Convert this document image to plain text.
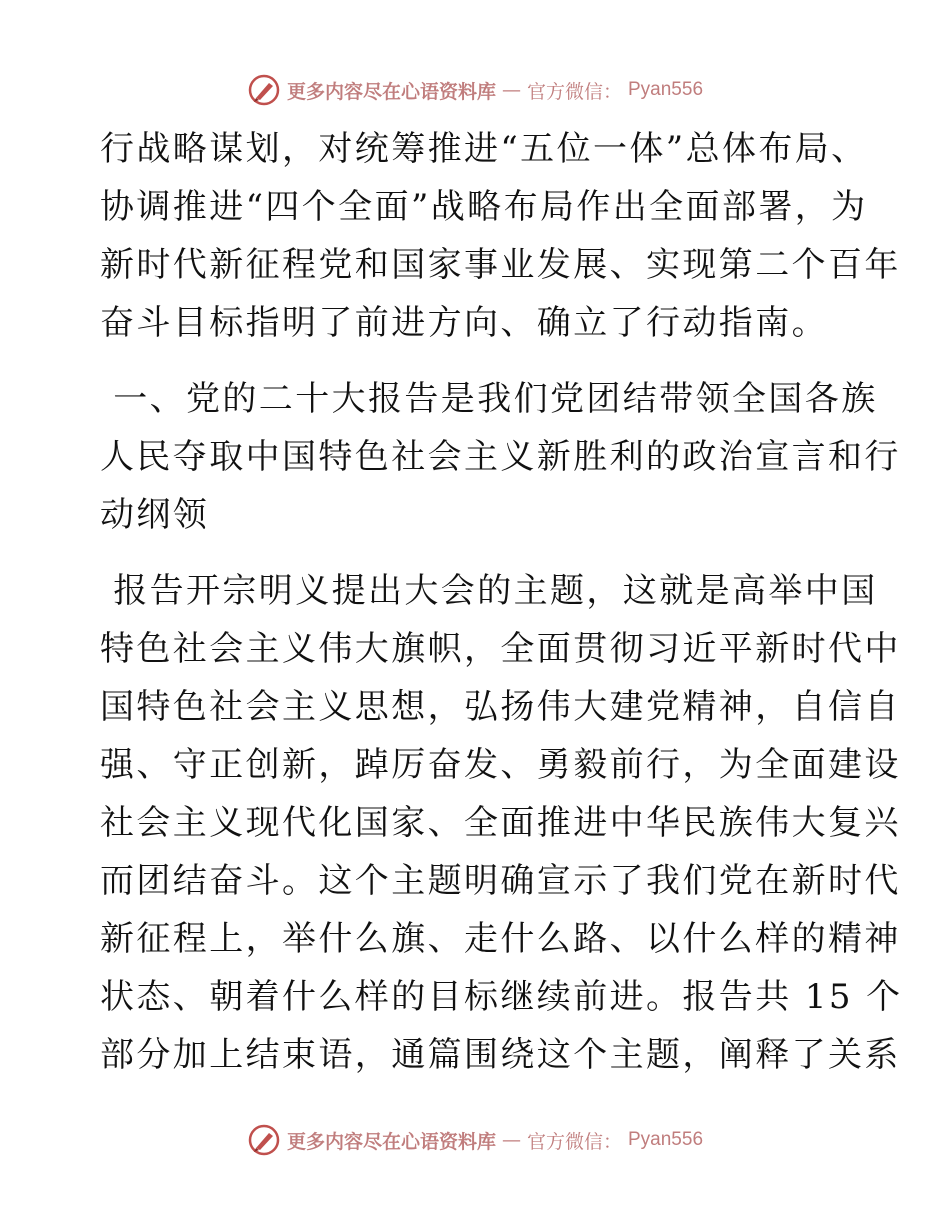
更多内容尽在心语资料库 — 官方微信： Pyan556
行战略谋划，对统筹推进“五位一体”总体布局、
协调推进“四个全面”战略布局作出全面部署，为
新时代新征程党和国家事业发展、实现第二个百年
奋斗目标指明了前进方向、确立了行动指南。
一、党的二十大报告是我们党团结带领全国各族
人民夺取中国特色社会主义新胜利的政治宣言和行
动纲领
报告开宗明义提出大会的主题，这就是高举中国
特色社会主义伟大旗帜，全面贯彻习近平新时代中
国特色社会主义思想，弘扬伟大建党精神，自信自
强、守正创新，踔厉奋发、勇毅前行，为全面建设
社会主义现代化国家、全面推进中华民族伟大复兴
而团结奋斗。这个主题明确宣示了我们党在新时代
新征程上，举什么旗、走什么路、以什么样的精神
状态、朝着什么样的目标继续前进。报告共 15 个
部分加上结束语，通篇围绕这个主题，阐释了关系
更多内容尽在心语资料库 — 官方微信： Pyan556
